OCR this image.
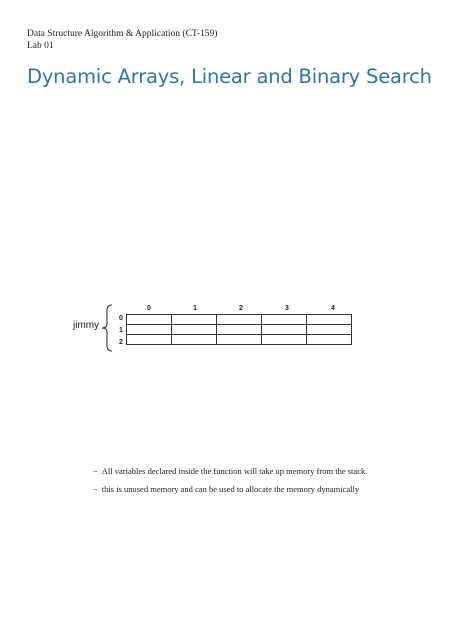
Data Structure Algorithm & Application (CT-159)
Lab 01
Dynamic Arrays, Linear and Binary Search
jimmy
0	1	2	3	4
0
1
2

− All variables declared inside the function will take up memory from the stack.
− this is unused memory and can be used to allocate the memory dynamically
